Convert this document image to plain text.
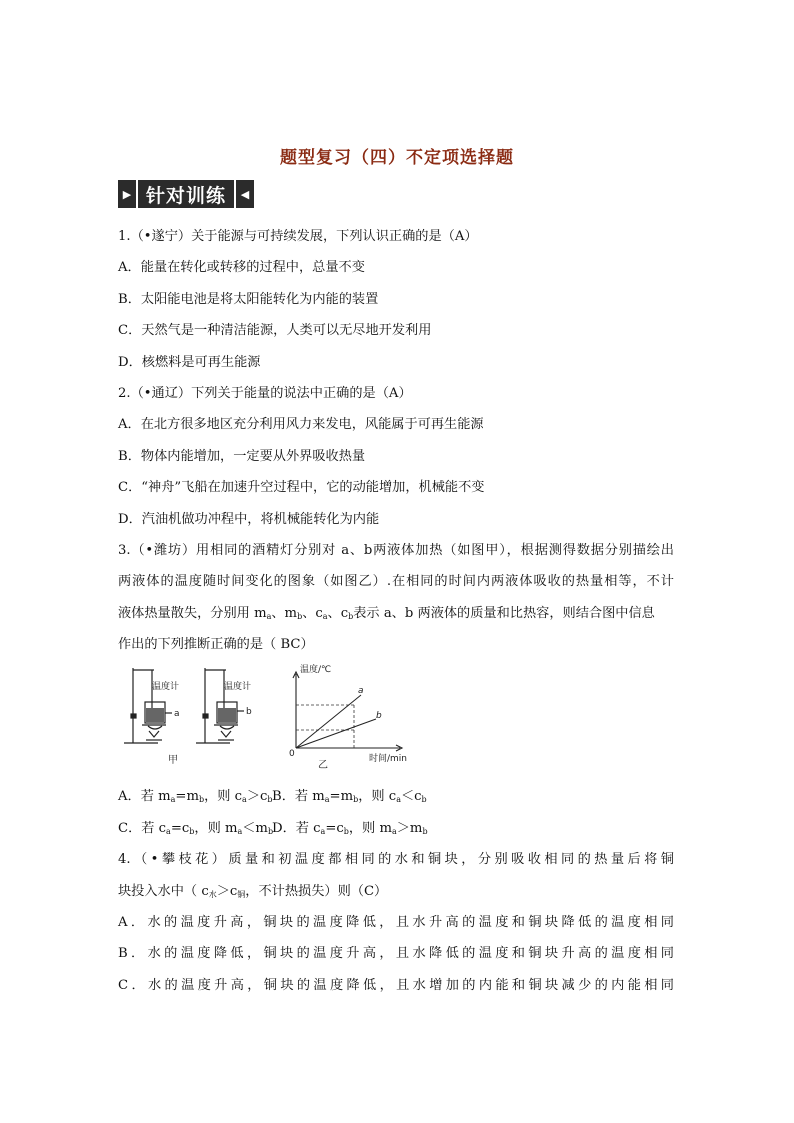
题型复习（四）不定项选择题
▶ 针对训练	◀
1.（•遂宁）关于能源与可持续发展，下列认识正确的是（A）
A．能量在转化或转移的过程中，总量不变
B．太阳能电池是将太阳能转化为内能的装置
C．天然气是一种清洁能源，人类可以无尽地开发利用
D．核燃料是可再生能源
2.（•通辽）下列关于能量的说法中正确的是（A）
A．在北方很多地区充分利用风力来发电，风能属于可再生能源
B．物体内能增加，一定要从外界吸收热量
C．“神舟”飞船在加速升空过程中，它的动能增加，机械能不变
D．汽油机做功冲程中，将机械能转化为内能
3.（•潍坊）用相同的酒精灯分别对 a、b两液体加热（如图甲），根据测得数据分别描绘出
两液体的温度随时间变化的图象（如图乙）.在相同的时间内两液体吸收的热量相等，不计
液体热量散失，分别用 $m_a$、$m_b$、$c_a$、$c_b$表示 a、b 两液体的质量和比热容，则结合图中信息
作出的下列推断正确的是（ BC）
温度计
a
温度计
b
甲
温度/℃
时间/min
0
a
b
乙
A．若 $m_a=m_b$，则 $c_a>c_b$ B．若 $m_a=m_b$，则 $c_a<c_b$
C．若 $c_a=c_b$，则 $m_a<m_b$
D．若 $c_a=c_b$，则 $m_a>m_b$
4.（•攀枝花）质量和初温度都相同的水和铜块，分别吸收相同的热量后将铜
块投入水中（ $c_水>c_铜$，不计热损失）则（C）
A．水的温度升高，铜块的温度降低，且水升高的温度和铜块降低的温度相同
B．水的温度降低，铜块的温度升高，且水降低的温度和铜块升高的温度相同
C．水的温度升高，铜块的温度降低，且水增加的内能和铜块减少的内能相同
